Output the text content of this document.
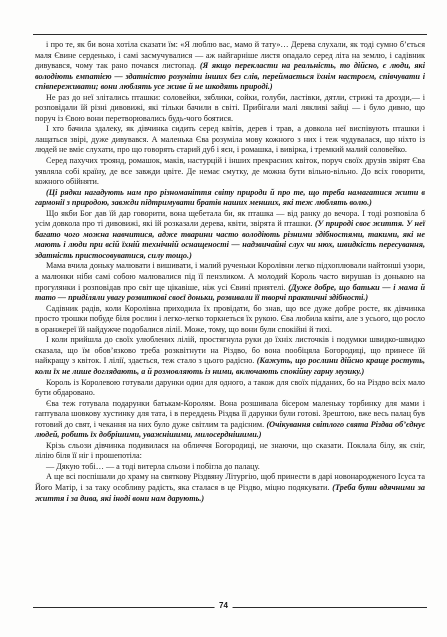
і про те, як би вона хотіла сказати їм: «Я люблю вас, мамо й тату»… Дерева слухали, як тоді сумно б’ється маля Євине серденько, і самі засмучувалися — аж найгарніше листя опадало серед літа на землю, і садівник дивувався, чому так рано почався листопад. (Я якщо перекласти на реальність, то дійсно, є люди, які володіють емпатією — здатністю розуміти інших без слів, переймається їхнім настроєм, співчувати і співпереживати; вони люблять усе живе й не шкодять природі.)

Не раз до неї злітались пташки: соловейки, зяблики, сойки, голуби, ластівки, дятли, стрижі та дрозди,— і розповідали їй різні дивовижі, які тільки бачили в світі. Прибігали малі лякливі зайці — і було дивно, що поруч із Євою вони перетворювались будь-чого боятися.

І хто бачила здалеку, як дівчинка сидить серед квітів, дерев і трав, а довкола неї виспівують пташки і лащаться звірі, дуже дивувався. А маленька Єва розуміла мову кожного з них і теж чудувалася, що ніхто із людей не вміє слухати, про що говорять старий дуб і яєн, і ромашка, і вивірка, і тремкий малий соловейко.

Серед пахучих троянд, ромашок, маків, настурцій і інших прекрасних квіток, поруч своїх друзів звірят Єва уявляла собі країну, де все завжди цвіте. Де немає смутку, де можна бути вільно-вільно. До всіх говорити, кожного обійняти.

(Ці рядки нагадують нам про різноманіття світу природи й про те, що треба намагатися жити в гармонії з природою, завжди підтримувати братів наших менших, які теж люблять волю.)

Що якби Бог дав їй дар говорити, вона щебетала би, як пташка — від ранку до вечора. І тоді розповіла б усім довкола про ті дивовижі, які їй розказали дерева, квіти, звірята й пташки. (У природі своє життя. У неї багато чого можна навчитися, адже тварини часто володіють різними здібностями, такими, які не мають і люди при всій їхній технічній оснащеності — надзвичайні слух чи нюх, швидкість пересування, здатність пристосовуватися, силу тощо.)

Мама вчила доньку малювати і вишивати, і малий рученьки Королівни легко підхоплювали найтонші узори, а малюнки ніби самі собою малювалися під її пензликом. А молодий Король часто вирушав із донькою на прогулянки і розповідав про світ ще цікавіше, ніж усі Євині приятелі. (Дуже добре, що батьки — і мама й тато — приділяли увагу розвиткові своєї доньки, розвивали її творчі практичні здібності.)

Садівник радів, коли Королівна приходила їх провідати, бо знав, що все дуже добре росте, як дівчинка просто трошки побуде біля рослин і легко-легко торкнеться їх рукою. Єва любила квіти, але з усього, що росло в оранжереї їй найдужче подобалися лілії. Може, тому, що вони були спокійні й тихі.

І коли прийшла до своїх улюблених лілій, простягнула руки до їхніх листочків і подумки швидко-швидко сказала, що їм обов’язково треба розквітнути на Різдво, бо вона пообіцяла Богородиці, що принесе їй найкращу з квіток. І лілії, здається, теж стало з цього радісно. (Кажуть, що рослини дійсно краще ростуть, коли їх не лише доглядають, а й розмовляють із ними, включають спокійну гарну музику.)

Король із Королевою готували дарунки один для одного, а також для своїх підданих, бо на Різдво всіх мало бути обдаровано.

Єва теж готувала подарунки батькам-Королям. Вона розшивала бісером маленьку торбинку для мами і гаптувала шовкову хустинку для тата, і в переддень Різдва її дарунки були готові. Зрештою, вже весь палац був готовий до свят, і чекання на них було дуже світлим та радісним. (Очікування світлого свята Різдва об’єднує людей, робить їх добрішими, уважнішими, милосерднішими.)

Крізь сльози дівчинка подивилася на обличчя Богородиці, не знаючи, що сказати. Поклала білу, як сніг, лілію біля її ніг і прошепотіла:

— Дякую тобі… — а тоді витерла сльози і побігла до палацу.

А ще всі поспішали до храму на святкову Різдвяну Літургію, щоб принести в дарі новонародженого Ісуса та Його Матір, і за таку особливу радість, яка сталася в це Різдво, міцно подякувати. (Треба бути вдячними за життя і за дива, які іноді вони нам дарують.)

74
